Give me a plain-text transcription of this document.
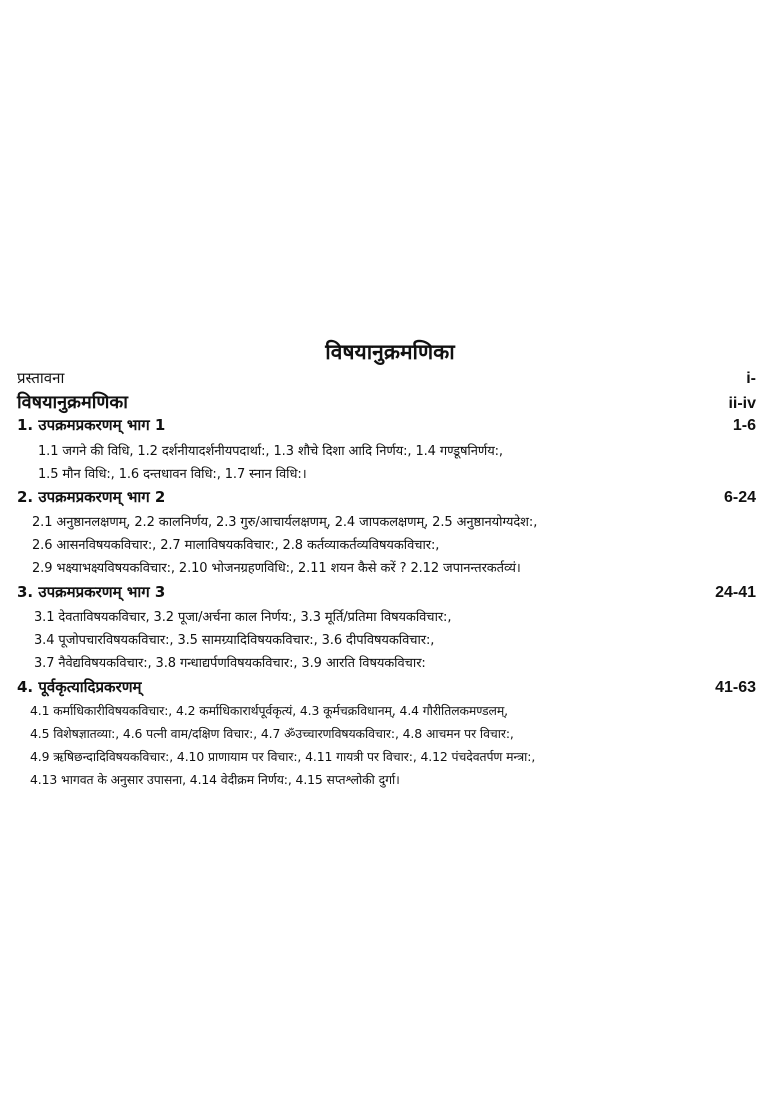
विषयानुक्रमणिका
प्रस्तावना	i-
विषयानुक्रमणिका	ii-iv
1. उपक्रमप्रकरणम् भाग 1	1-6
1.1 जगने की विधि, 1.2 दर्शनीयादर्शनीयपदार्था:, 1.3 शौचे दिशा आदि निर्णय:, 1.4 गण्डूषनिर्णय:,
1.5 मौन विधि:, 1.6 दन्तधावन विधि:, 1.7 स्नान विधि:।
2. उपक्रमप्रकरणम् भाग 2	6-24
2.1 अनुष्ठानलक्षणम्, 2.2 कालनिर्णय, 2.3 गुरु/आचार्यलक्षणम्, 2.4 जापकलक्षणम्, 2.5 अनुष्ठानयोग्यदेश:,
2.6 आसनविषयकविचार:, 2.7 मालाविषयकविचार:, 2.8 कर्तव्याकर्तव्यविषयकविचार:,
2.9 भक्ष्याभक्ष्यविषयकविचार:, 2.10 भोजनग्रहणविधि:, 2.11 शयन कैसे करें ? 2.12 जपानन्तरकर्तव्यं।
3. उपक्रमप्रकरणम् भाग 3	24-41
3.1 देवताविषयकविचार, 3.2 पूजा/अर्चना काल निर्णय:, 3.3 मूर्ति/प्रतिमा विषयकविचार:,
3.4 पूजोपचारविषयकविचार:, 3.5 सामग्र्यादिविषयकविचार:, 3.6 दीपविषयकविचार:,
3.7 नैवेद्यविषयकविचार:, 3.8 गन्धाद्यर्पणविषयकविचार:, 3.9 आरति विषयकविचार:
4. पूर्वकृत्यादिप्रकरणम्	41-63
4.1 कर्माधिकारीविषयकविचार:, 4.2 कर्माधिकारार्थपूर्वकृत्यं, 4.3 कूर्मचक्रविधानम्, 4.4 गौरीतिलकमण्डलम्,
4.5 विशेषज्ञातव्या:, 4.6 पत्नी वाम/दक्षिण विचार:, 4.7 ॐउच्चारणविषयकविचार:, 4.8 आचमन पर विचार:,
4.9 ऋषिछन्दादिविषयकविचार:, 4.10 प्राणायाम पर विचार:, 4.11 गायत्री पर विचार:, 4.12 पंचदेवतर्पण मन्त्रा:,
4.13 भागवत के अनुसार उपासना, 4.14 वेदीक्रम निर्णय:, 4.15 सप्तश्लोकी दुर्गा।
